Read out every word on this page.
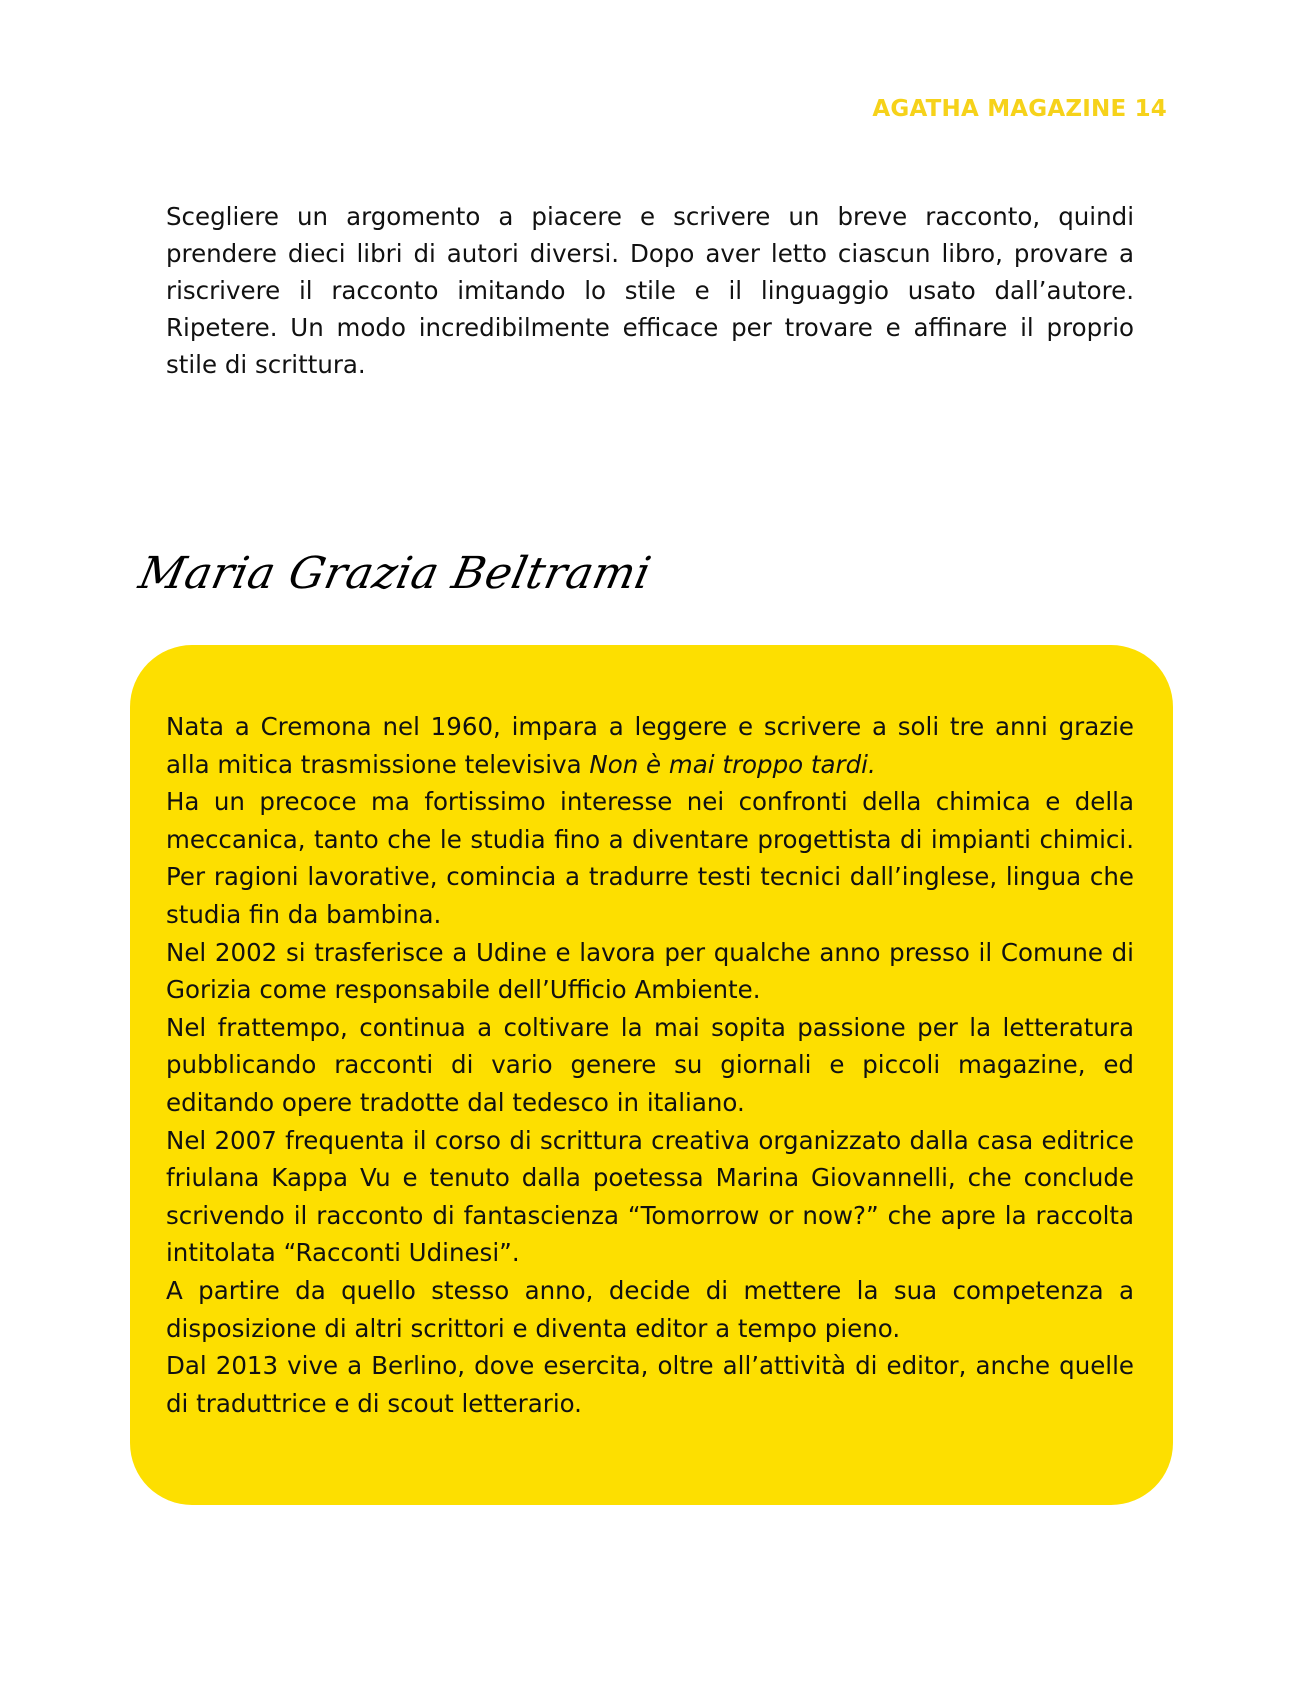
AGATHA MAGAZINE 14

Scegliere un argomento a piacere e scrivere un breve racconto, quindi prendere dieci libri di autori diversi. Dopo aver letto ciascun libro, provare a riscrivere il racconto imitando lo stile e il linguaggio usato dall’autore. Ripetere. Un modo incredibilmente efficace per trovare e affinare il proprio stile di scrittura.

Maria Grazia Beltrami

Nata a Cremona nel 1960, impara a leggere e scrivere a soli tre anni grazie alla mitica trasmissione televisiva Non è mai troppo tardi.

Ha un precoce ma fortissimo interesse nei confronti della chimica e della meccanica, tanto che le studia fino a diventare progettista di impianti chimici. Per ragioni lavorative, comincia a tradurre testi tecnici dall’inglese, lingua che studia fin da bambina.

Nel 2002 si trasferisce a Udine e lavora per qualche anno presso il Comune di Gorizia come responsabile dell’Ufficio Ambiente.

Nel frattempo, continua a coltivare la mai sopita passione per la letteratura pubblicando racconti di vario genere su giornali e piccoli magazine, ed editando opere tradotte dal tedesco in italiano.

Nel 2007 frequenta il corso di scrittura creativa organizzato dalla casa editrice friulana Kappa Vu e tenuto dalla poetessa Marina Giovannelli, che conclude scrivendo il racconto di fantascienza “Tomorrow or now?” che apre la raccolta intitolata “Racconti Udinesi”.

A partire da quello stesso anno, decide di mettere la sua competenza a disposizione di altri scrittori e diventa editor a tempo pieno.

Dal 2013 vive a Berlino, dove esercita, oltre all’attività di editor, anche quelle di traduttrice e di scout letterario.
